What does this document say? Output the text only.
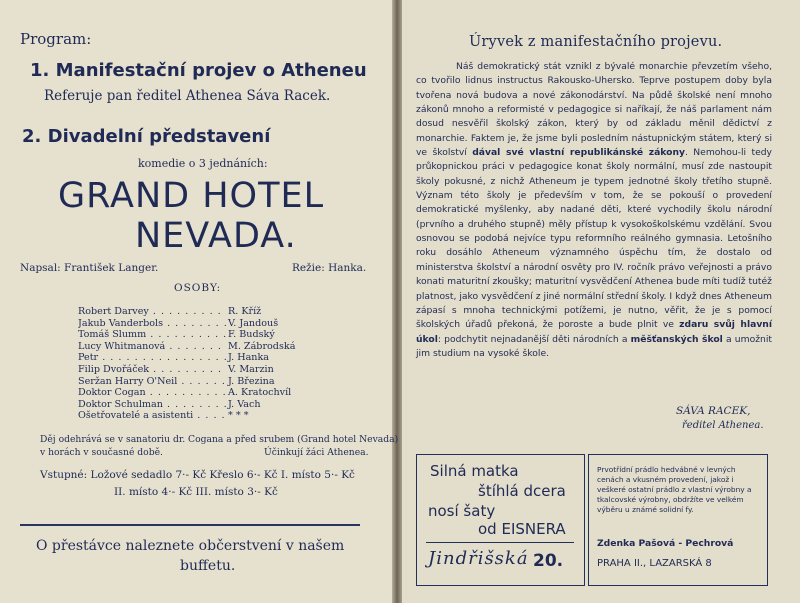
Program:
1. Manifestační projev o Atheneu
Referuje pan ředitel Athenea Sáva Racek.
2. Divadelní představení
komedie o 3 jednáních:
GRAND HOTEL
NEVADA.
Napsal: František Langer.	Režie: Hanka.
OSOBY:
Robert Darvey . . .	R. Kříž
Jakub Vanderbols . . .	V. Jandouš
Tomáš Slumm . . .	F. Budský
Lucy Whitmanová . . .	M. Zábrodská
Petr . . .	J. Hanka
Filip Dvořáček . . .	V. Marzin
Seržan Harry O'Neil . . .	J. Březina
Doktor Cogan . . .	A. Kratochvíl
Doktor Schulman . . .	J. Vach
Ošetřovatelé a asistenti . . .	* * *
Děj odehrává se v sanatoriu dr. Cogana a před srubem (Grand hotel Nevada)
v horách v současné době.	Účinkují žáci Athenea.
Vstupné: Ložové sedadlo 7·- Kč Křeslo 6·- Kč I. místo 5·- Kč
II. místo 4·- Kč III. místo 3·- Kč
O přestávce naleznete občerstvení v našem
buffetu.
Úryvek z manifestačního projevu.
Náš demokratický stát vznikl z bývalé monarchie převzetím všeho, co tvořilo lidnus instructus Rakousko-Uhersko. Teprve postupem doby byla tvořena nová budova a nové zákonodárství. Na půdě školské není mnoho zákonů mnoho a reformisté v pedagogice si naříkají, že náš parlament nám dosud nesvěřil školský zákon, který by od základu měnil dědictví z monarchie. Faktem je, že jsme byli posledním nástupnickým státem, který si ve školství dával své vlastní republikánské zákony. Nemohou-li tedy průkopnickou práci v pedagogice konat školy normální, musí zde nastoupit školy pokusné, z nichž Atheneum je typem jednotné školy třetího stupně. Význam této školy je především v tom, že se pokouší o provedení demokratické myšlenky, aby nadané děti, které vychodily školu národní (prvního a druhého stupně) měly přístup k vysokoškolskému vzdělání. Svou osnovou se podobá nejvíce typu reformního reálného gymnasia. Letošního roku dosáhlo Atheneum významného úspěchu tím, že dostalo od ministerstva školství a národní osvěty pro IV. ročník právo veřejnosti a právo konati maturitní zkoušky; maturitní vysvědčení Athenea bude míti tudíž tutéž platnost, jako vysvědčení z jiné normální střední školy. I když dnes Atheneum zápasí s mnoha technickými potížemi, je nutno, věřit, že je s pomocí školských úřadů překoná, že poroste a bude plnit ve zdaru svůj hlavní úkol: podchytit nejnadanější děti národních a měšťanských škol a umožnit jim studium na vysoké škole.
SÁVA RACEK,
ředitel Athenea.
Silná matka
štíhlá dcera
nosí šaty
od EISNERA
Jindřišská 20.
Prvotřídní prádlo hedvábné v levných cenách a vkusném provedení, jakož i veškeré ostatní prádlo z vlastní výrobny a tkalcovské výrobny, obdržíte ve velkém výběru u známé solidní fy.
Zdenka Pašová - Pechrová
PRAHA II., LAZARSKÁ 8
